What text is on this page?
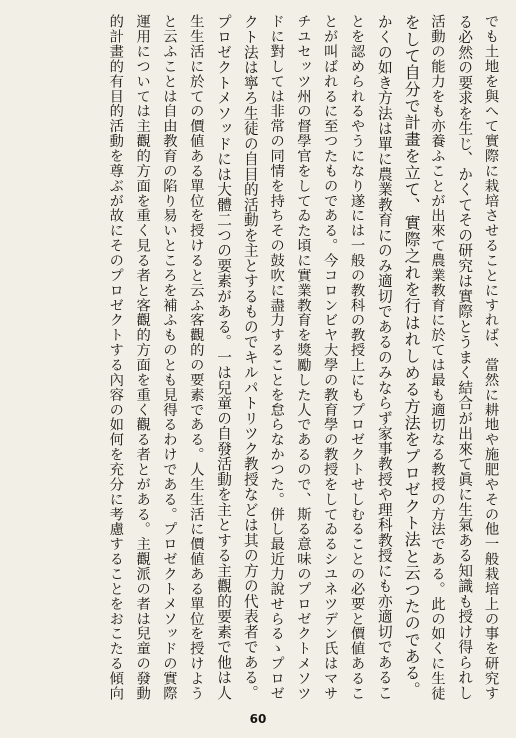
でも土地を與へて實際に栽培させることにすれば、當然に耕地や施肥やその他一般栽培上の事を研究す
る必然の要求を生じ、かくてその研究は實際とうまく結合が出來て眞に生氣ある知識も授け得られし
活動の能力をも亦養ふことが出來て農業教育に於ては最も適切なる教授の方法である。此の如くに生徒
をして自分で計畫を立て、實際之れを行はれしめる方法をプロゼクト法と云つたのである。
かくの如き方法は單に農業教育にのみ適切であるのみならず家事教授や理科教授にも亦適切であるこ
とを認められるやうになり遂には一般の教科の教授上にもプロゼクトせしむることの必要と價値あるこ
とが叫ばれるに至つたものである。今コロンビヤ大學の教育學の教授をしてゐるシユネツデン氏はマサ
チユセッツ州の督學官をしてゐた頃に實業教育を獎勵した人であるので、斯る意味のプロゼクトメソツ
ドに對しては非常の同情を持ちその鼓吹に盡力することを怠らなかつた。併し最近力說せらるゝプロゼ
クト法は寧ろ生徒の自目的活動を主とするものでキルパトリツク教授などは其の方の代表者である。
プロゼクトメソッドには大體二つの要素がある。一は兒童の自發活動を主とする主觀的要素で他は人
生生活に於ての價値ある單位を授けると云ふ客觀的の要素である。人生生活に價値ある單位を授けよう
と云ふことは自由教育の陷り易いところを補ふものとも見得るわけである。プロゼクトメソッドの實際
運用については主觀的方面を重く見る者と客觀的方面を重く觀る者とがある。主觀派の者は兒童の發動
的計畫的有目的活動を尊ぶが故にそのプロゼクトする內容の如何を充分に考慮することをおこたる傾向
60
